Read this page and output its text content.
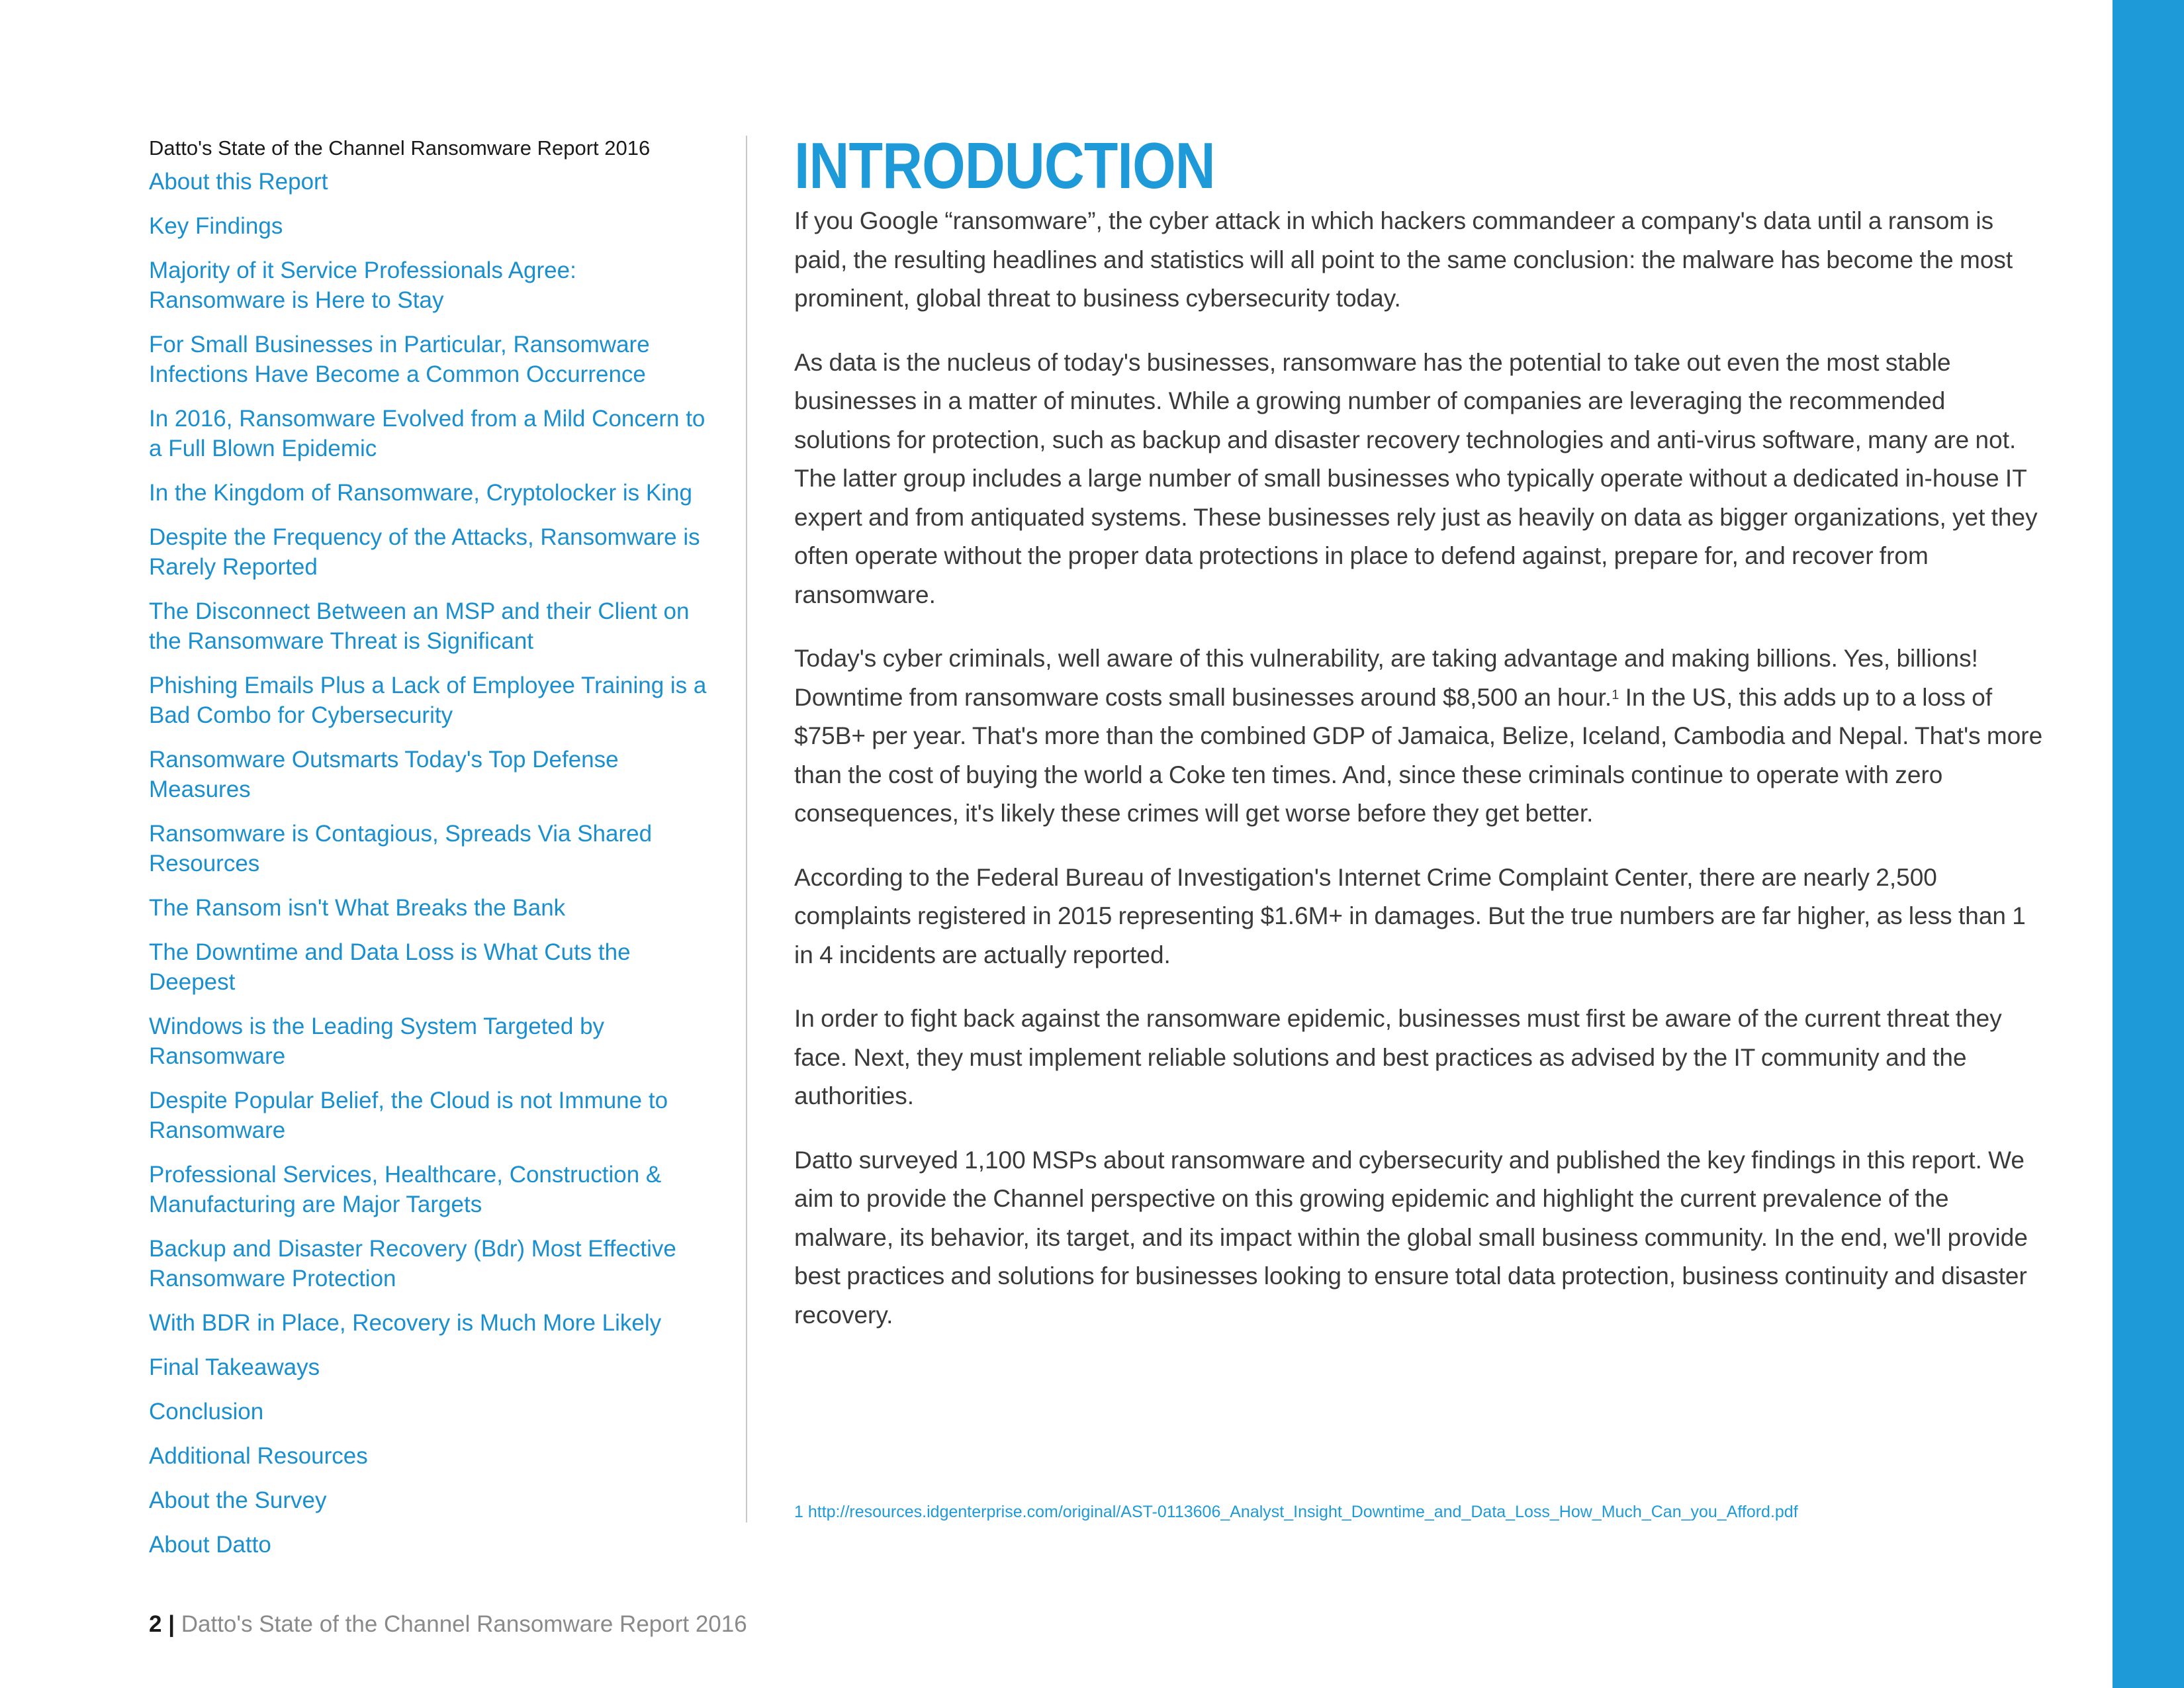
Datto's State of the Channel Ransomware Report 2016
About this Report
Key Findings
Majority of it Service Professionals Agree: Ransomware is Here to Stay
For Small Businesses in Particular, Ransomware Infections Have Become a Common Occurrence
In 2016, Ransomware Evolved from a Mild Concern to a Full Blown Epidemic
In the Kingdom of Ransomware, Cryptolocker is King
Despite the Frequency of the Attacks, Ransomware is Rarely Reported
The Disconnect Between an MSP and their Client on the Ransomware Threat is Significant
Phishing Emails Plus a Lack of Employee Training is a Bad Combo for Cybersecurity
Ransomware Outsmarts Today's Top Defense Measures
Ransomware is Contagious, Spreads Via Shared Resources
The Ransom isn't What Breaks the Bank
The Downtime and Data Loss is What Cuts the Deepest
Windows is the Leading System Targeted by Ransomware
Despite Popular Belief, the Cloud is not Immune to Ransomware
Professional Services, Healthcare, Construction & Manufacturing are Major Targets
Backup and Disaster Recovery (Bdr) Most Effective Ransomware Protection
With BDR in Place, Recovery is Much More Likely
Final Takeaways
Conclusion
Additional Resources
About the Survey
About Datto
INTRODUCTION

If you Google “ransomware”, the cyber attack in which hackers commandeer a company's data until a ransom is paid, the resulting headlines and statistics will all point to the same conclusion: the malware has become the most prominent, global threat to business cybersecurity today.

As data is the nucleus of today's businesses, ransomware has the potential to take out even the most stable businesses in a matter of minutes. While a growing number of companies are leveraging the recommended solutions for protection, such as backup and disaster recovery technologies and anti-virus software, many are not. The latter group includes a large number of small businesses who typically operate without a dedicated in-house IT expert and from antiquated systems. These businesses rely just as heavily on data as bigger organizations, yet they often operate without the proper data protections in place to defend against, prepare for, and recover from ransomware.

Today's cyber criminals, well aware of this vulnerability, are taking advantage and making billions. Yes, billions! Downtime from ransomware costs small businesses around $8,500 an hour.$^1$ In the US, this adds up to a loss of $75B+ per year. That's more than the combined GDP of Jamaica, Belize, Iceland, Cambodia and Nepal. That's more than the cost of buying the world a Coke ten times. And, since these criminals continue to operate with zero consequences, it's likely these crimes will get worse before they get better.

According to the Federal Bureau of Investigation's Internet Crime Complaint Center, there are nearly 2,500 complaints registered in 2015 representing $1.6M+ in damages. But the true numbers are far higher, as less than 1 in 4 incidents are actually reported.

In order to fight back against the ransomware epidemic, businesses must first be aware of the current threat they face. Next, they must implement reliable solutions and best practices as advised by the IT community and the authorities.

Datto surveyed 1,100 MSPs about ransomware and cybersecurity and published the key findings in this report. We aim to provide the Channel perspective on this growing epidemic and highlight the current prevalence of the malware, its behavior, its target, and its impact within the global small business community. In the end, we'll provide best practices and solutions for businesses looking to ensure total data protection, business continuity and disaster recovery.

1 http://resources.idgenterprise.com/original/AST-0113606_Analyst_Insight_Downtime_and_Data_Loss_How_Much_Can_you_Afford.pdf
2 | Datto's State of the Channel Ransomware Report 2016
